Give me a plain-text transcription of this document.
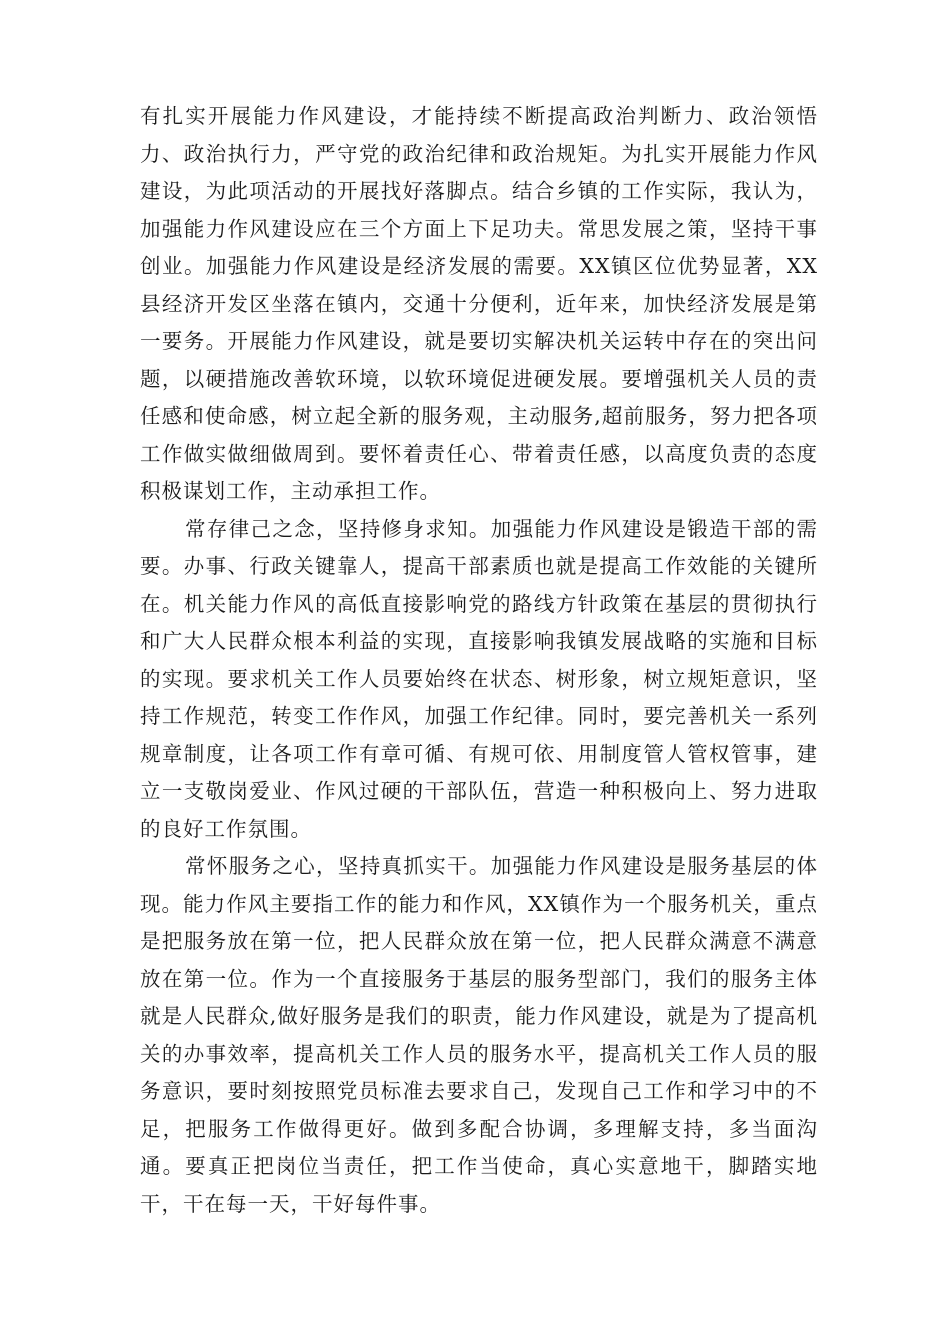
有扎实开展能力作风建设，才能持续不断提高政治判断力、政治领悟力、政治执行力，严守党的政治纪律和政治规矩。为扎实开展能力作风建设，为此项活动的开展找好落脚点。结合乡镇的工作实际，我认为，加强能力作风建设应在三个方面上下足功夫。常思发展之策，坚持干事创业。加强能力作风建设是经济发展的需要。XX镇区位优势显著，XX县经济开发区坐落在镇内，交通十分便利，近年来，加快经济发展是第一要务。开展能力作风建设，就是要切实解决机关运转中存在的突出问题，以硬措施改善软环境，以软环境促进硬发展。要增强机关人员的责任感和使命感，树立起全新的服务观，主动服务,超前服务，努力把各项工作做实做细做周到。要怀着责任心、带着责任感，以高度负责的态度积极谋划工作，主动承担工作。

常存律己之念，坚持修身求知。加强能力作风建设是锻造干部的需要。办事、行政关键靠人，提高干部素质也就是提高工作效能的关键所在。机关能力作风的高低直接影响党的路线方针政策在基层的贯彻执行和广大人民群众根本利益的实现，直接影响我镇发展战略的实施和目标的实现。要求机关工作人员要始终在状态、树形象，树立规矩意识，坚持工作规范，转变工作作风，加强工作纪律。同时，要完善机关一系列规章制度，让各项工作有章可循、有规可依、用制度管人管权管事，建立一支敬岗爱业、作风过硬的干部队伍，营造一种积极向上、努力进取的良好工作氛围。

常怀服务之心，坚持真抓实干。加强能力作风建设是服务基层的体现。能力作风主要指工作的能力和作风，XX镇作为一个服务机关，重点是把服务放在第一位，把人民群众放在第一位，把人民群众满意不满意放在第一位。作为一个直接服务于基层的服务型部门，我们的服务主体就是人民群众,做好服务是我们的职责，能力作风建设，就是为了提高机关的办事效率，提高机关工作人员的服务水平，提高机关工作人员的服务意识，要时刻按照党员标准去要求自己，发现自己工作和学习中的不足，把服务工作做得更好。做到多配合协调，多理解支持，多当面沟通。要真正把岗位当责任，把工作当使命，真心实意地干，脚踏实地干，干在每一天，干好每件事。
